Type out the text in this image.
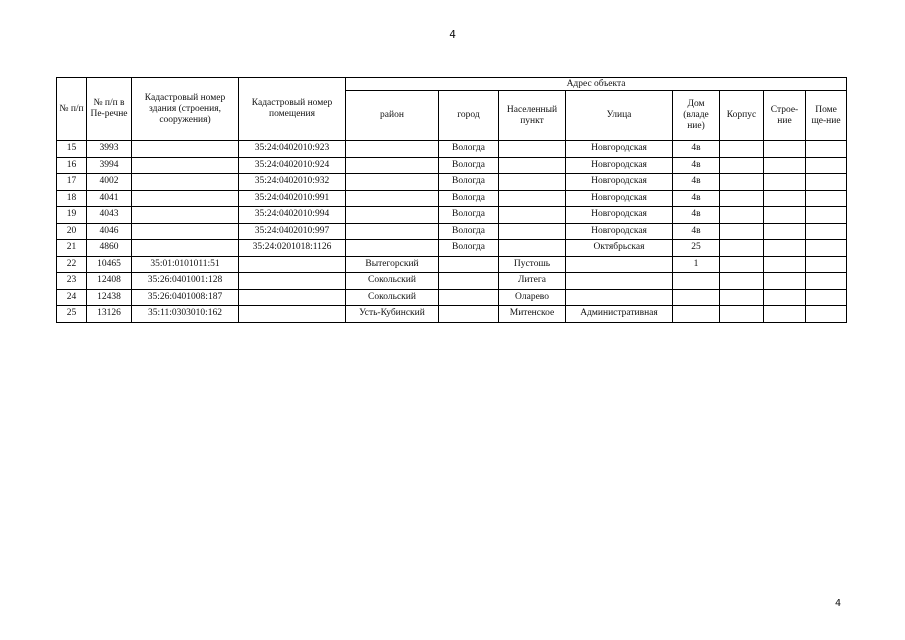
4
№ п/п	№ п/п в Пе-речне	Кадастровый номер здания (строения, сооружения)	Кадастровый номер помещения	Адрес объекта							
				район	город	Населенный пункт	Улица	Дом (владе ние)	Корпус	Строе-ние	Поме ще-ние
15	3993		35:24:0402010:923		Вологда		Новгородская	4в			
16	3994		35:24:0402010:924		Вологда		Новгородская	4в			
17	4002		35:24:0402010:932		Вологда		Новгородская	4в			
18	4041		35:24:0402010:991		Вологда		Новгородская	4в			
19	4043		35:24:0402010:994		Вологда		Новгородская	4в			
20	4046		35:24:0402010:997		Вологда		Новгородская	4в			
21	4860		35:24:0201018:1126		Вологда		Октябрьская	25			
22	10465	35:01:0101011:51		Вытегорский		Пустошь		1			
23	12408	35:26:0401001:128		Сокольский		Литега					
24	12438	35:26:0401008:187		Сокольский		Оларево					
25	13126	35:11:0303010:162		Усть-Кубинский		Митенское	Административная				
4
